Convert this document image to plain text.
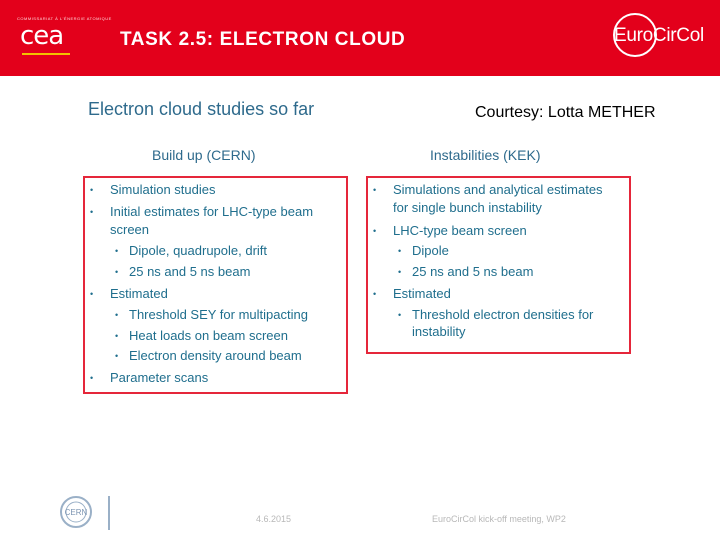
COMMISSARIAT À L'ÉNERGIE ATOMIQUE
cea	TASK 2.5: ELECTRON CLOUD	EuroCirCol
Courtesy: Lotta METHER
Electron cloud studies so far
Build up (CERN)	Instabilities (KEK)
• Simulation studies
• Initial estimates for LHC-type beam
screen
• Dipole, quadrupole, drift
• 25 ns and 5 ns beam
• Estimated
• Threshold SEY for multipacting
• Heat loads on beam screen
• Electron density around beam
• Parameter scans
• Simulations and analytical estimates
for single bunch instability
• LHC-type beam screen
• Dipole
• 25 ns and 5 ns beam
• Estimated
• Threshold electron densities for
instability
CERN
4.6.2015	EuroCirCol kick-off meeting, WP2
